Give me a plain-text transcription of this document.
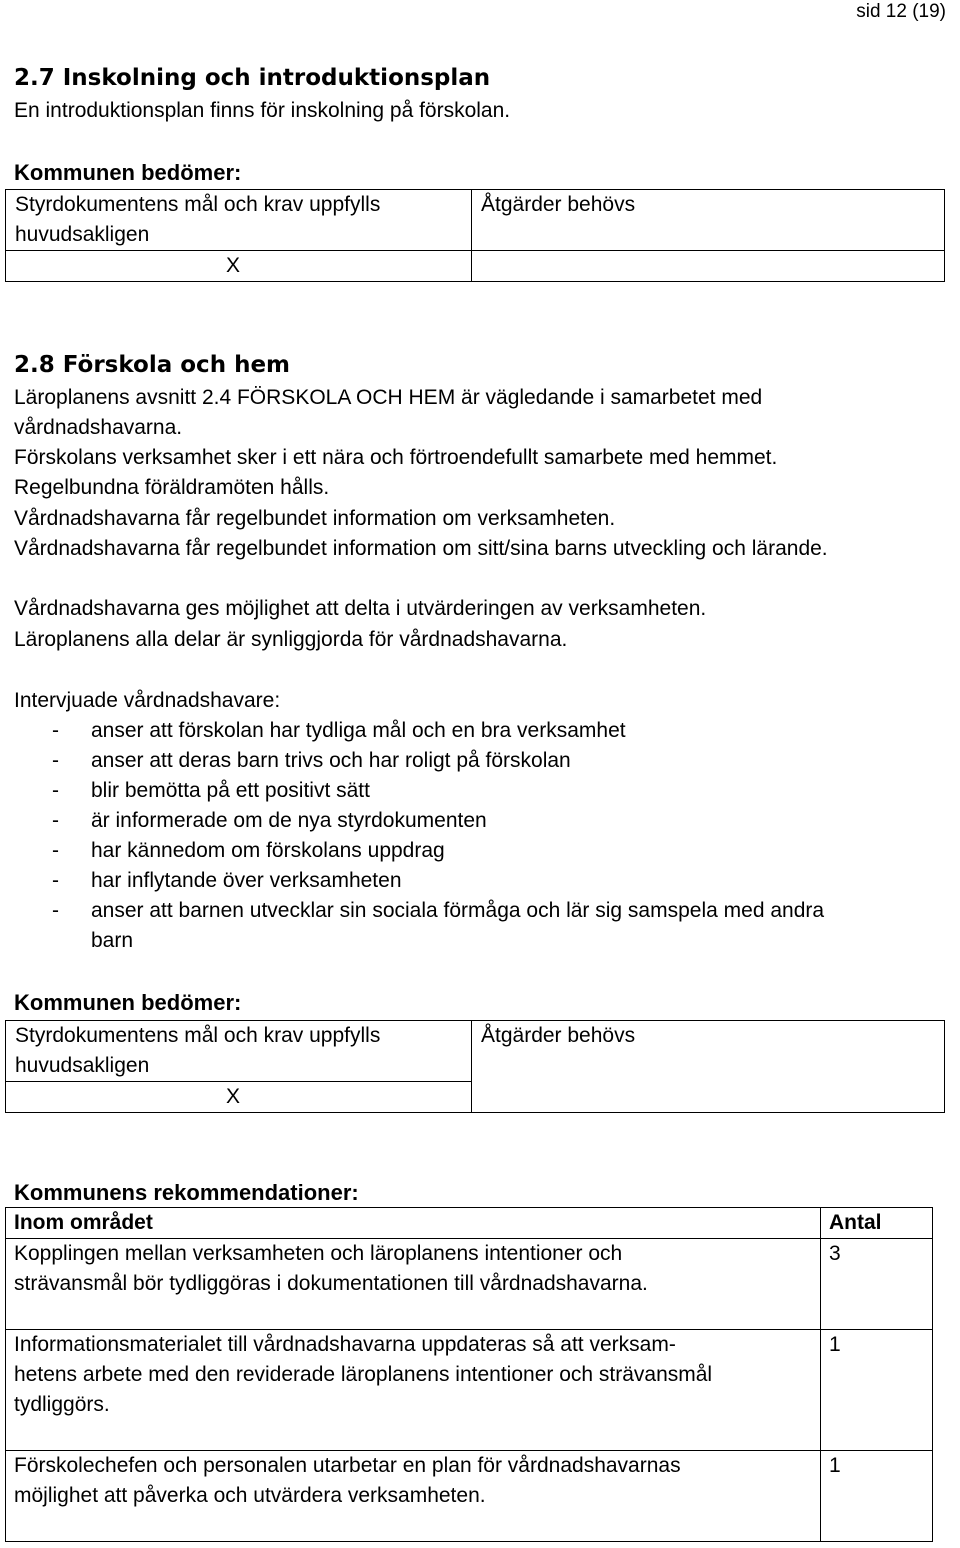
sid 12 (19)
2.7 Inskolning och introduktionsplan
En introduktionsplan finns för inskolning på förskolan.
Kommunen bedömer:
Styrdokumentens mål och krav uppfylls huvudsakligen	Åtgärder behövs
X	
2.8 Förskola och hem
Läroplanens avsnitt 2.4 FÖRSKOLA OCH HEM är vägledande i samarbetet med vårdnadshavarna.
Förskolans verksamhet sker i ett nära och förtroendefullt samarbete med hemmet.
Regelbundna föräldramöten hålls.
Vårdnadshavarna får regelbundet information om verksamheten.
Vårdnadshavarna får regelbundet information om sitt/sina barns utveckling och lärande.
Vårdnadshavarna ges möjlighet att delta i utvärderingen av verksamheten.
Läroplanens alla delar är synliggjorda för vårdnadshavarna.
Intervjuade vårdnadshavare:
- anser att förskolan har tydliga mål och en bra verksamhet
- anser att deras barn trivs och har roligt på förskolan
- blir bemötta på ett positivt sätt
- är informerade om de nya styrdokumenten
- har kännedom om förskolans uppdrag
- har inflytande över verksamheten
- anser att barnen utvecklar sin sociala förmåga och lär sig samspela med andra barn
Kommunen bedömer:
Styrdokumentens mål och krav uppfylls huvudsakligen	Åtgärder behövs
X
Kommunens rekommendationer:
Inom området	Antal
Kopplingen mellan verksamheten och läroplanens intentioner och strävansmål bör tydliggöras i dokumentationen till vårdnadshavarna.	3
Informationsmaterialet till vårdnadshavarna uppdateras så att verksam-hetens arbete med den reviderade läroplanens intentioner och strävansmål tydliggörs.	1
Förskolechefen och personalen utarbetar en plan för vårdnadshavarnas möjlighet att påverka och utvärdera verksamheten.	1
